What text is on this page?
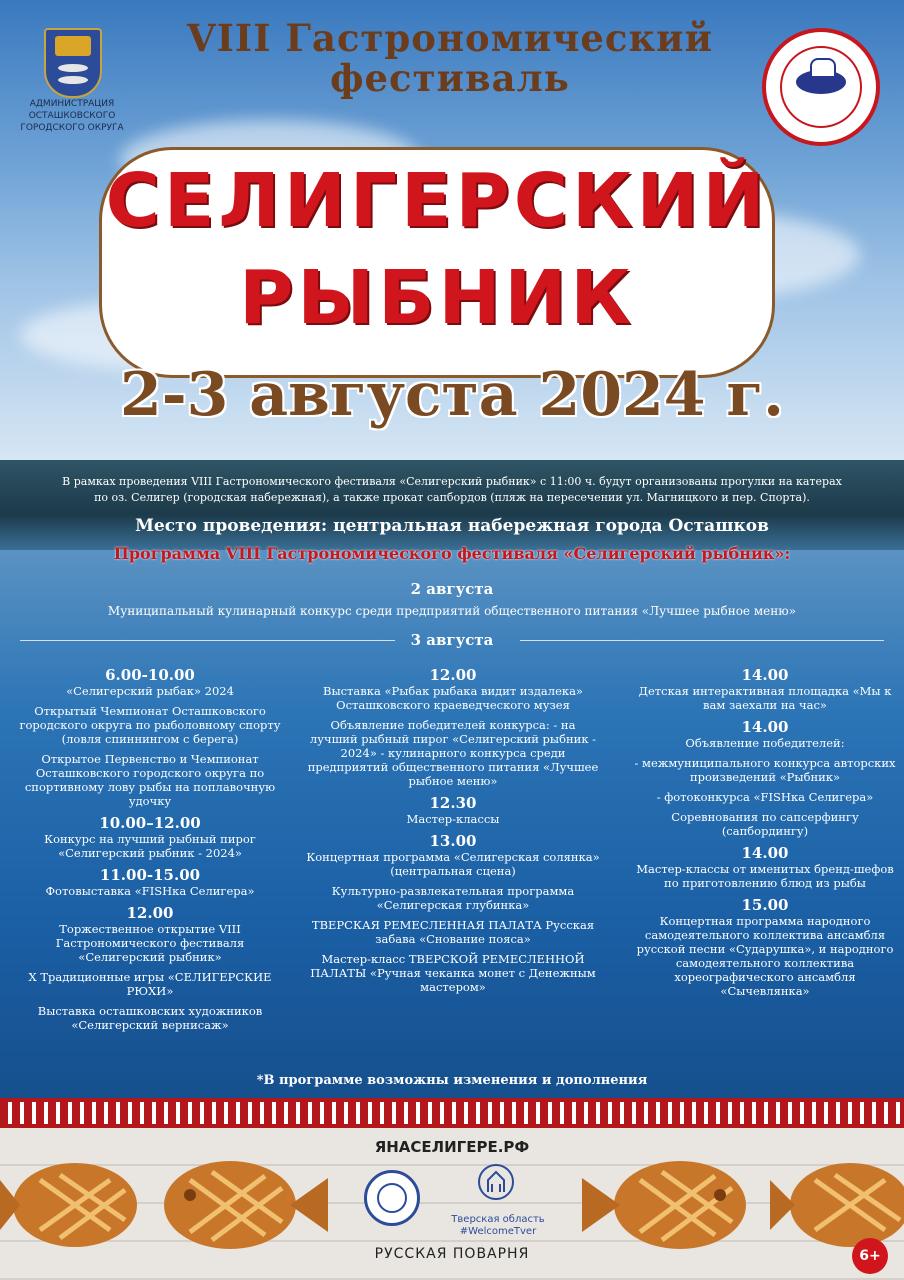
АДМИНИСТРАЦИЯ ОСТАШКОВСКОГО ГОРОДСКОГО ОКРУГА
VIII Гастрономический
фестиваль
СЕЛИГЕРСКИЙ
РЫБНИК
2-3 августа 2024 г.
В рамках проведения VIII Гастрономического фестиваля «Селигерский рыбник» с 11:00 ч. будут организованы прогулки на катерах
по оз. Селигер (городская набережная), а также прокат сапбордов (пляж на пересечении ул. Магницкого и пер. Спорта).
Место проведения: центральная набережная города Осташков
Программа VIII Гастрономического фестиваля «Селигерский рыбник»:
2 августа
Муниципальный кулинарный конкурс среди предприятий общественного питания «Лучшее рыбное меню»
3 августа
6.00-10.00
«Селигерский рыбак» 2024
Открытый Чемпионат Осташковского городского округа по рыболовному спорту (ловля спиннингом с берега)
Открытое Первенство и Чемпионат Осташковского городского округа по спортивному лову рыбы на поплавочную удочку
10.00–12.00
Конкурс на лучший рыбный пирог «Селигерский рыбник - 2024»
11.00-15.00
Фотовыставка «FISHка Селигера»
12.00
Торжественное открытие VIII Гастрономического фестиваля «Селигерский рыбник»
X Традиционные игры «СЕЛИГЕРСКИЕ РЮХИ»
Выставка осташковских художников «Селигерский вернисаж»
12.00
Выставка «Рыбак рыбака видит издалека» Осташковского краеведческого музея
Объявление победителей конкурса: - на лучший рыбный пирог «Селигерский рыбник - 2024» - кулинарного конкурса среди предприятий общественного питания «Лучшее рыбное меню»
12.30
Мастер-классы
13.00
Концертная программа «Селигерская солянка» (центральная сцена)
Культурно-развлекательная программа «Селигерская глубинка»
ТВЕРСКАЯ РЕМЕСЛЕННАЯ ПАЛАТА Русская забава «Снование пояса»
Мастер-класс ТВЕРСКОЙ РЕМЕСЛЕННОЙ ПАЛАТЫ «Ручная чеканка монет с Денежным мастером»
14.00
Детская интерактивная площадка «Мы к вам заехали на час»
14.00
Объявление победителей:
- межмуниципального конкурса авторских произведений «Рыбник»
- фотоконкурса «FISHка Селигера»
Соревнования по сапсерфингу (сапбордингу)
14.00
Мастер-классы от именитых бренд-шефов по приготовлению блюд из рыбы
15.00
Концертная программа народного самодеятельного коллектива ансамбля русской песни «Сударушка», и народного самодеятельного коллектива хореографического ансамбля «Сычевлянка»
*В программе возможны изменения и дополнения
ЯНАСЕЛИГЕРЕ.РФ
Тверская область
#WelcomeTver
РУССКАЯ ПОВАРНЯ	6+
